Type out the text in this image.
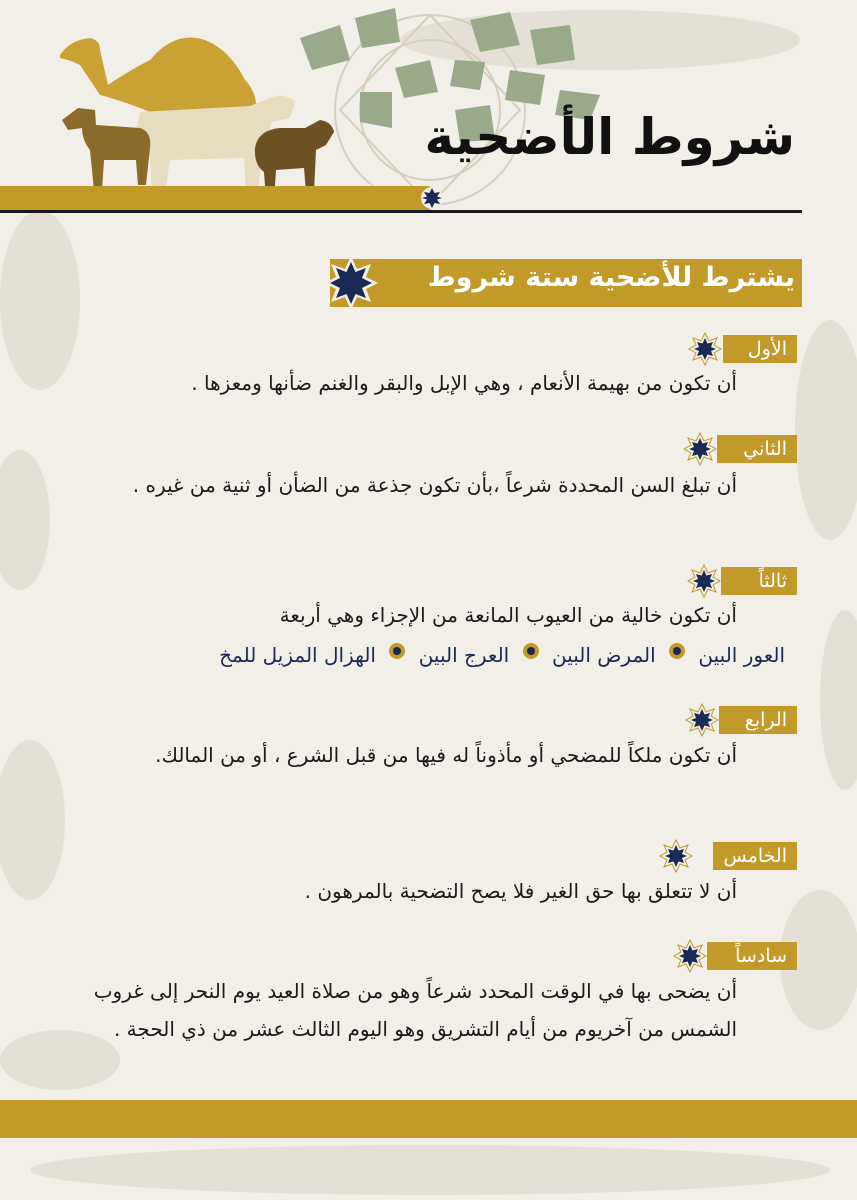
شروط الأضحية
يشترط للأضحية ستة شروط
الأول
أن تكون من بهيمة الأنعام ، وهي الإبل والبقر والغنم ضأنها ومعزها .
الثاني
أن تبلغ السن المحددة شرعاً ،بأن تكون جذعة من الضأن أو ثنية من غيره .
ثالثاً
أن تكون خالية من العيوب المانعة من الإجزاء وهي أربعة
العور البين  المرض البين  العرج البين  الهزال المزيل للمخ
الرابع
أن تكون ملكاً للمضحي أو مأذوناً له فيها من قبل الشرع ، أو من المالك.
الخامس
أن لا تتعلق بها حق الغير فلا يصح التضحية بالمرهون .
سادساً
أن يضحى بها في الوقت المحدد شرعاً وهو من صلاة العيد يوم النحر إلى غروب الشمس من آخريوم من أيام التشريق وهو اليوم الثالث عشر من ذي الحجة .
